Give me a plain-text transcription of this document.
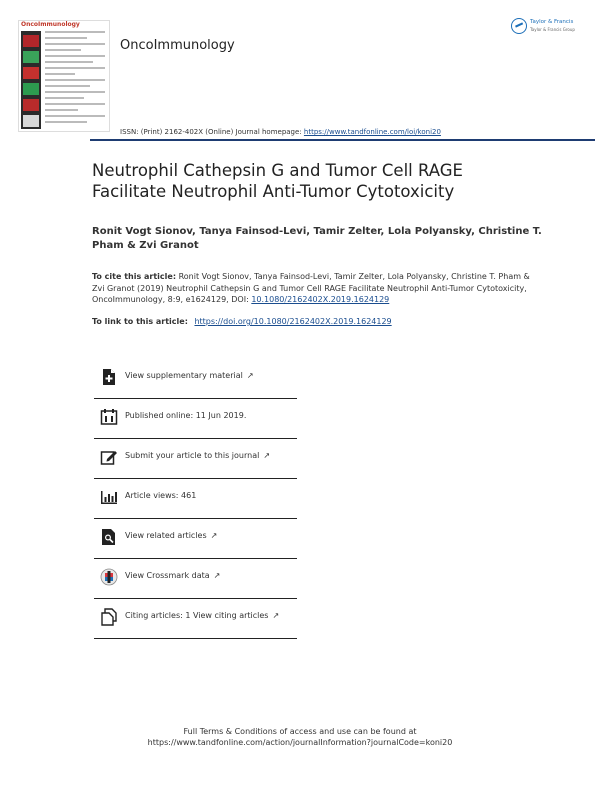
OncoImmunology
OncoImmunology
Taylor & Francis
Taylor & Francis Group
ISSN: (Print) 2162-402X (Online) Journal homepage: https://www.tandfonline.com/loi/koni20
Neutrophil Cathepsin G and Tumor Cell RAGE Facilitate Neutrophil Anti-Tumor Cytotoxicity
Ronit Vogt Sionov, Tanya Fainsod-Levi, Tamir Zelter, Lola Polyansky, Christine T. Pham & Zvi Granot
To cite this article: Ronit Vogt Sionov, Tanya Fainsod-Levi, Tamir Zelter, Lola Polyansky, Christine T. Pham & Zvi Granot (2019) Neutrophil Cathepsin G and Tumor Cell RAGE Facilitate Neutrophil Anti-Tumor Cytotoxicity, OncoImmunology, 8:9, e1624129, DOI: 10.1080/2162402X.2019.1624129
To link to this article: https://doi.org/10.1080/2162402X.2019.1624129
View supplementary material ↗
Published online: 11 Jun 2019.
Submit your article to this journal ↗
Article views: 461
View related articles ↗
View Crossmark data ↗
Citing articles: 1 View citing articles ↗
Full Terms & Conditions of access and use can be found at
https://www.tandfonline.com/action/journalInformation?journalCode=koni20
